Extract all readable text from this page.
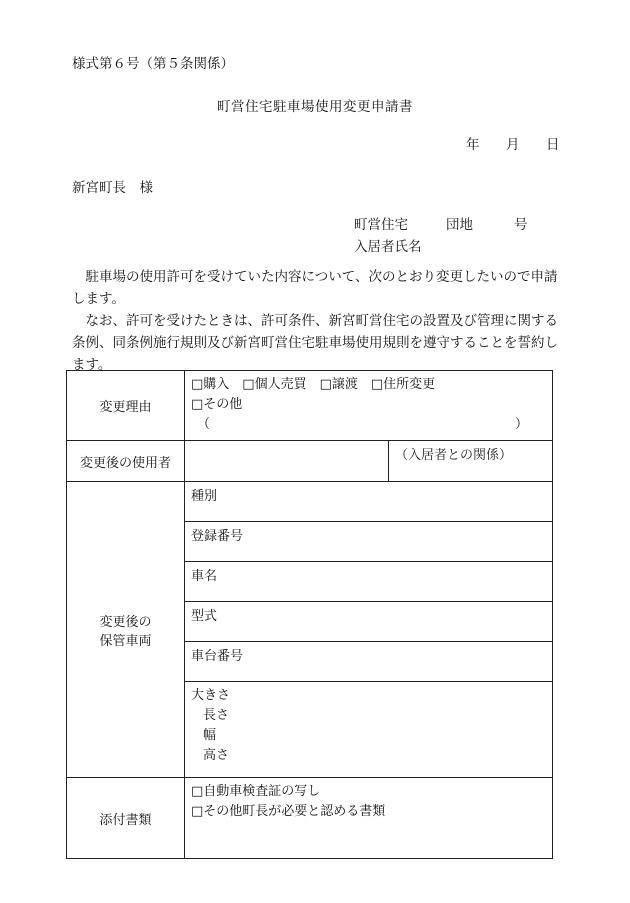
様式第６号（第５条関係）
町営住宅駐車場使用変更申請書
年 月 日
新宮町長　様
町営住宅	団地	号
入居者氏名
　駐車場の使用許可を受けていた内容について、次のとおり変更したいので申請します。
　なお、許可を受けたときは、許可条件、新宮町営住宅の設置及び管理に関する条例、同条例施行規則及び新宮町営住宅駐車場使用規則を遵守することを誓約します。
変更理由	□購入　□個人売買　□譲渡　□住所変更
□その他
（ ）	

変更後の使用者		（入居者との関係）

変更後の
保管車両	種別	
	登録番号	
	車名	
	型式	
	車台番号	

	大きさ
長さ
幅
高さ	

添付書類	□自動車検査証の写し
□その他町長が必要と認める書類	
